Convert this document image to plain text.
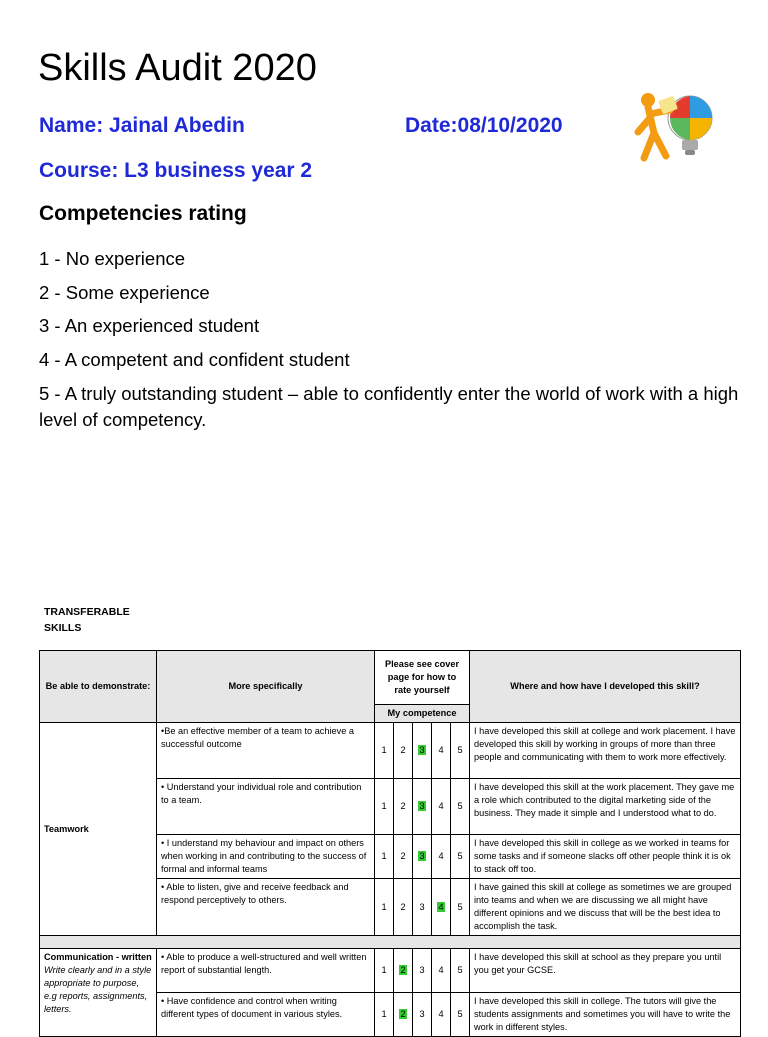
Skills Audit 2020
Name: Jainal Abedin	Date:08/10/2020
Course: L3 business year 2
Competencies rating
1 - No experience
2 - Some experience
3 - An experienced student
4 - A competent and confident student
5 - A truly outstanding student – able to confidently enter the world of work with a high level of competency.
TRANSFERABLE SKILLS
Be able to demonstrate:	More specifically	Please see cover page for how to rate yourself					Where and how have I developed this skill?
		My competence					

Teamwork	•Be an effective member of a team to achieve a successful outcome	1	2	3	4	5	I have developed this skill at college and work placement. I have developed this skill by working in groups of more than three people and communicating with them to work more effectively.
	• Understand your individual role and contribution to a team.	1	2	3	4	5	I have developed this skill at the work placement. They gave me a role which contributed to the digital marketing side of the business. They made it simple and I understood what to do.
	• I understand my behaviour and impact on others when working in and contributing to the success of formal and informal teams	1	2	3	4	5	I have developed this skill in college as we worked in teams for some tasks and if someone slacks off other people think it is ok to stack off too.
	• Able to listen, give and receive feedback and respond perceptively to others.	1	2	3	4	5	I have gained this skill at college as sometimes we are grouped into teams and when we are discussing we all might have different opinions and we discuss that will be the best idea to accomplish the task.

Communication - written
Write clearly and in a style appropriate to purpose, e.g reports, assignments, letters.	• Able to produce a well-structured and well written report of substantial length.	1	2	3	4	5	I have developed this skill at school as they prepare you until you get your GCSE.
	• Have confidence and control when writing different types of document in various styles.	1	2	3	4	5	I have developed this skill in college. The tutors will give the students assignments and sometimes you will have to write the work in different styles.
